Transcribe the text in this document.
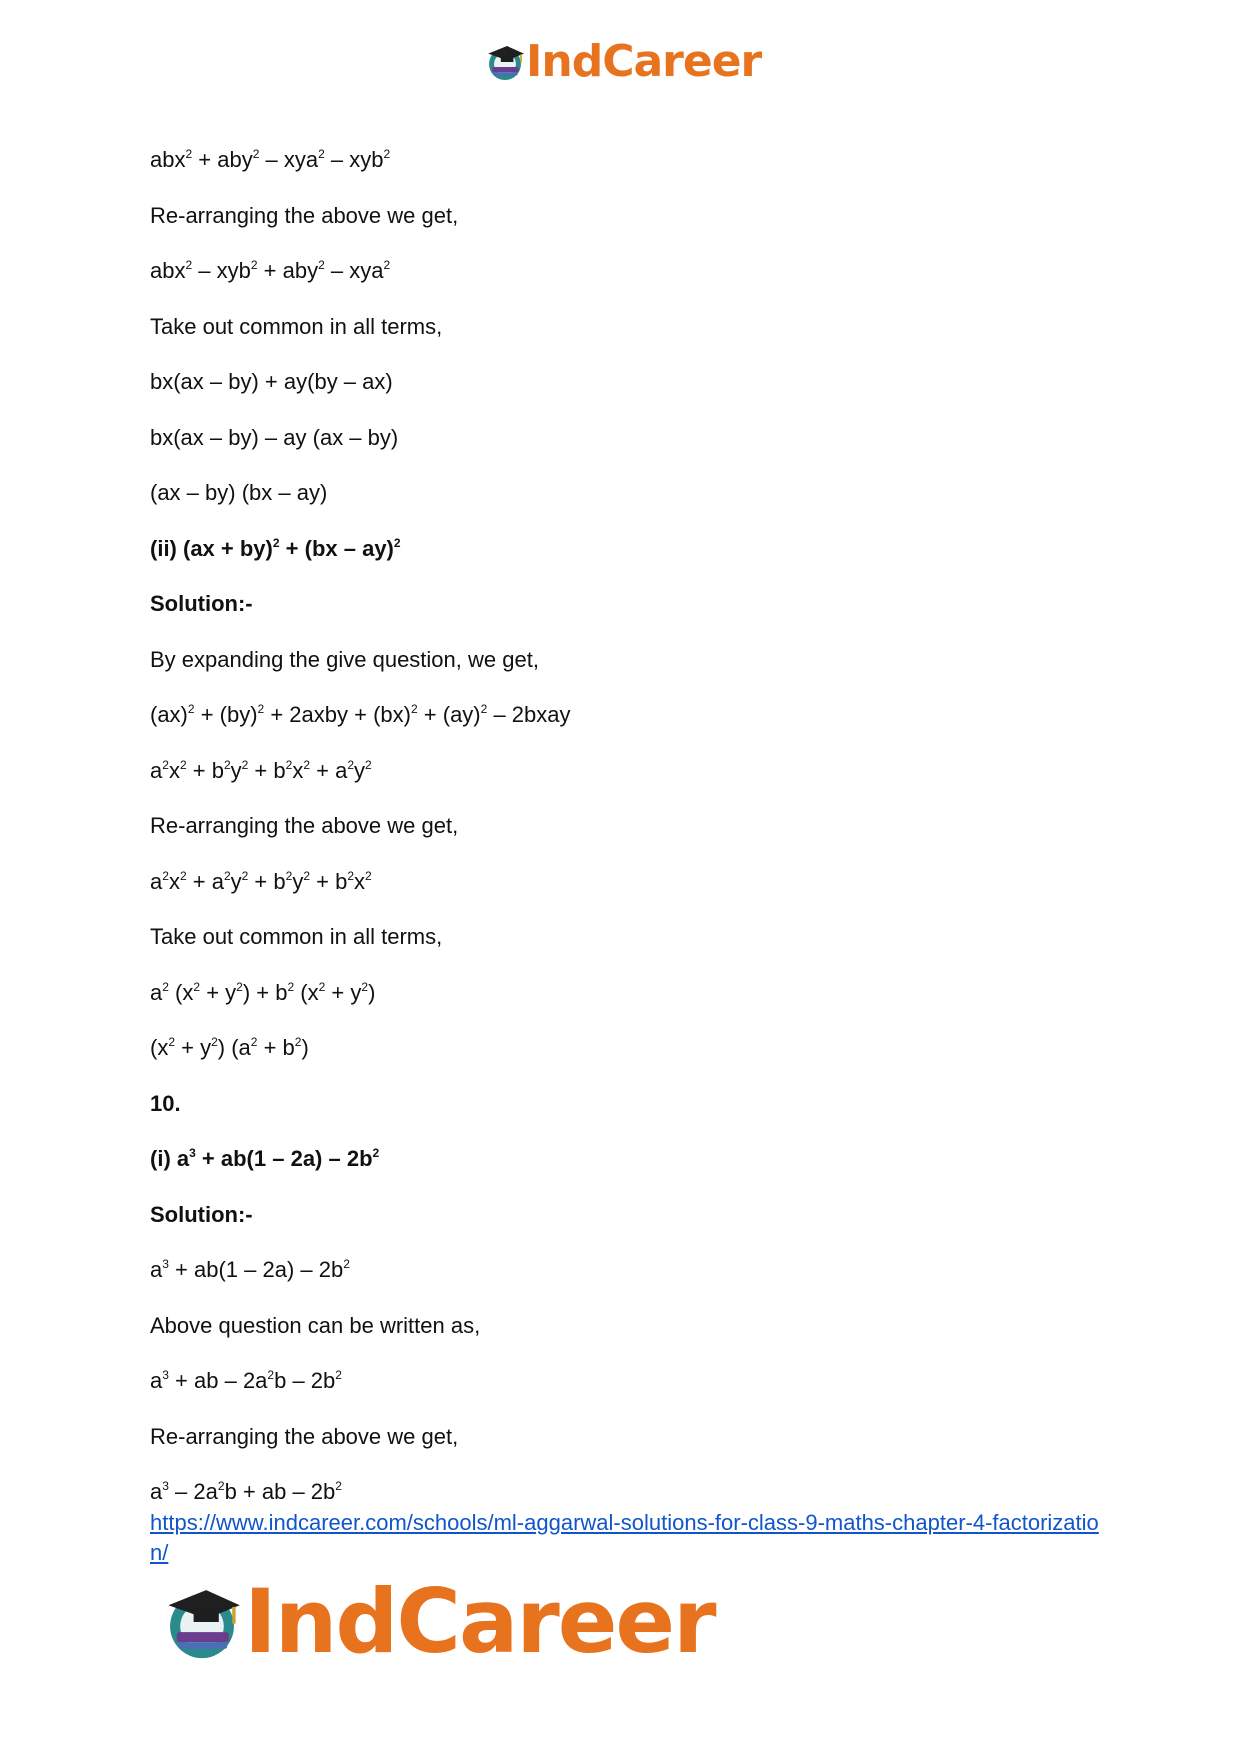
IndCareer
abx$^2$ + aby$^2$ – xya$^2$ – xyb$^2$
Re-arranging the above we get,
abx$^2$ – xyb$^2$ + aby$^2$ – xya$^2$
Take out common in all terms,
bx(ax – by) + ay(by – ax)
bx(ax – by) – ay (ax – by)
(ax – by) (bx – ay)
(ii) (ax + by)$^2$ + (bx – ay)$^2$
Solution:-
By expanding the give question, we get,
(ax)$^2$ + (by)$^2$ + 2axby + (bx)$^2$ + (ay)$^2$ – 2bxay
$a^2x^2 + b^2y^2 + b^2x^2 + a^2y^2$
Re-arranging the above we get,
$a^2x^2 + a^2y^2 + b^2y^2 + b^2x^2$
Take out common in all terms,
$a^2$ $(x^2 + y^2) + b^2$ $(x^2 + y^2)$
$(x^2 + y^2) (a^2 + b^2)$
10.
(i) $a^3 + ab(1 - 2a) - 2b^2$
Solution:-
$a^3 + ab(1 - 2a) - 2b^2$
Above question can be written as,
$a^3$ + ab – $2a^2b - 2b^2$
Re-arranging the above we get,
$a^3 - 2a^2b$ + ab – $2b^2$
https://www.indcareer.com/schools/ml-aggarwal-solutions-for-class-9-maths-chapter-4-factorization/
IndCareer
